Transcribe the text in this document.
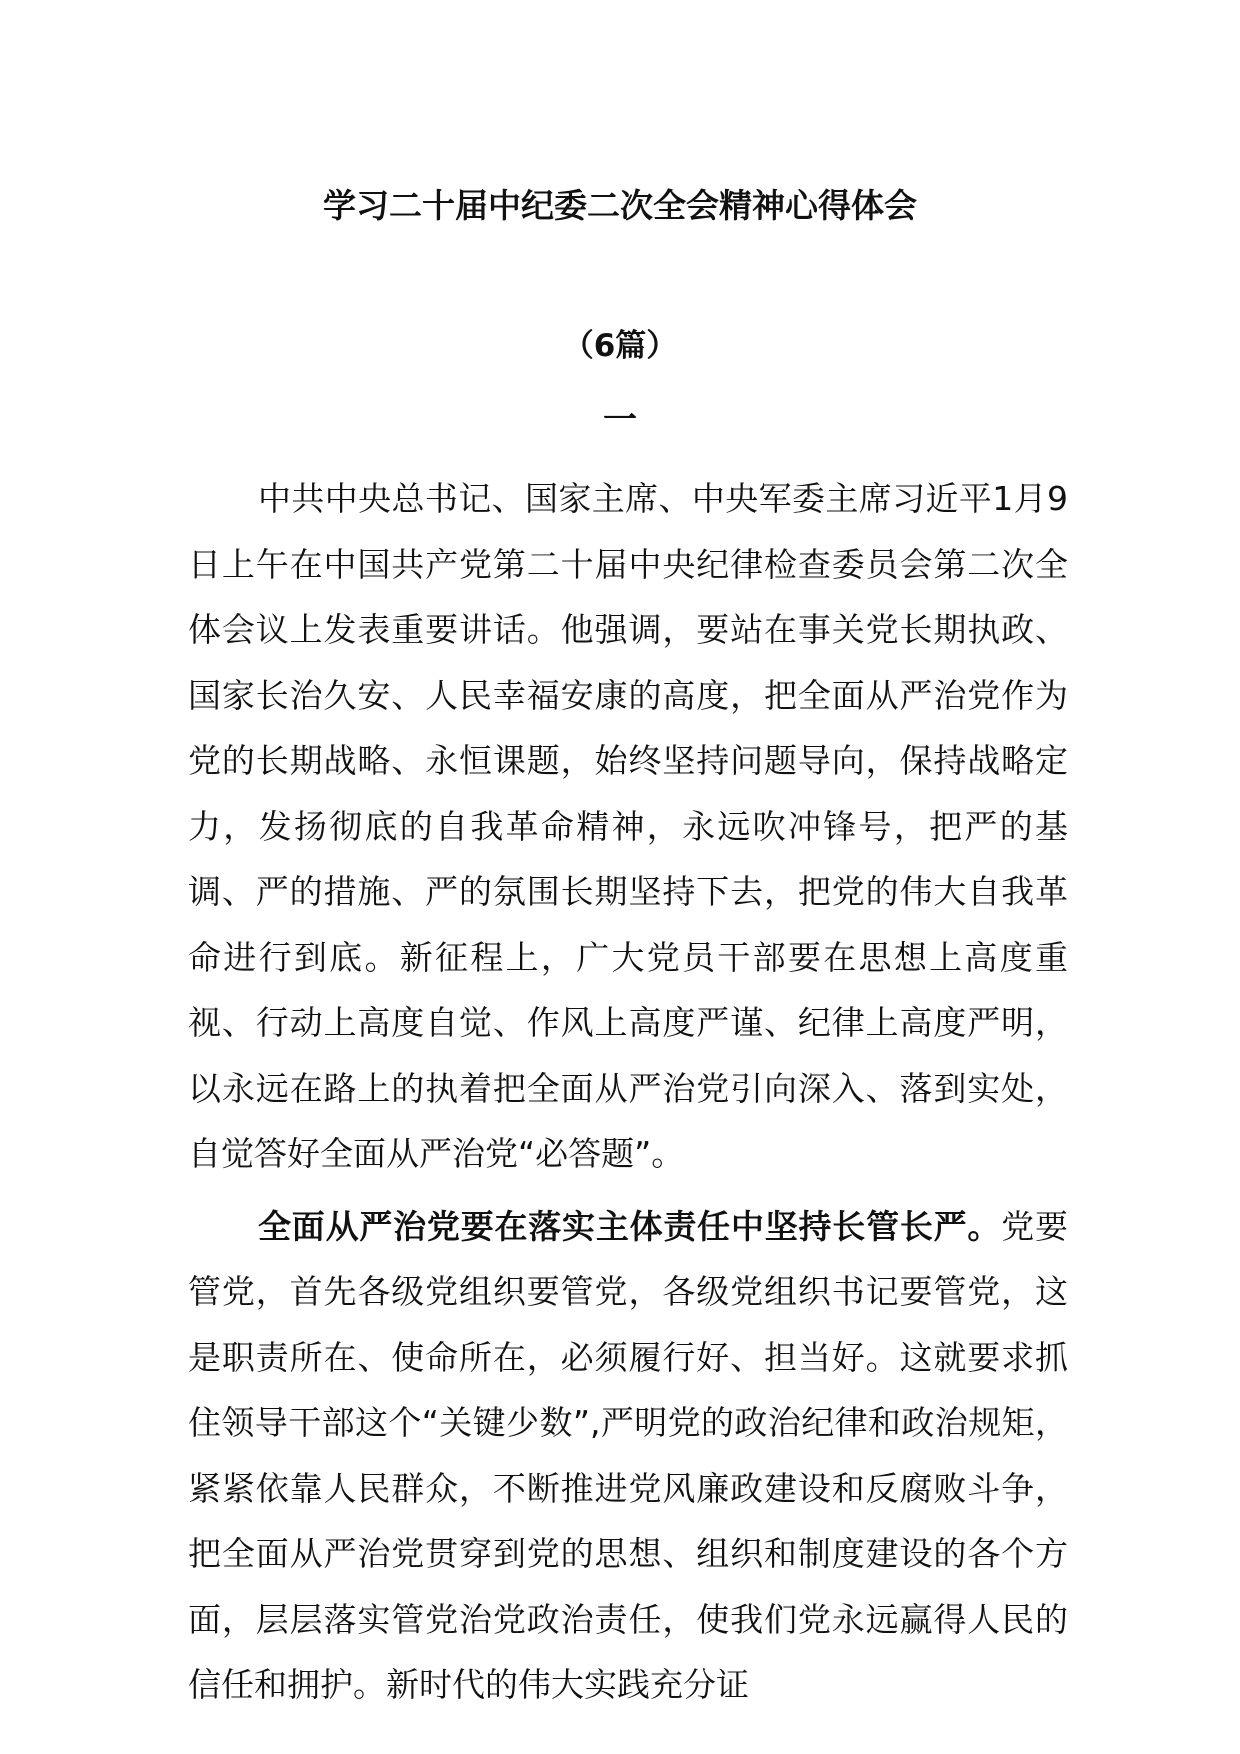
学习二十届中纪委二次全会精神心得体会
（6篇）
一

中共中央总书记、国家主席、中央军委主席习近平1月9日上午在中国共产党第二十届中央纪律检查委员会第二次全体会议上发表重要讲话。他强调，要站在事关党长期执政、国家长治久安、人民幸福安康的高度，把全面从严治党作为党的长期战略、永恒课题，始终坚持问题导向，保持战略定力，发扬彻底的自我革命精神，永远吹冲锋号，把严的基调、严的措施、严的氛围长期坚持下去，把党的伟大自我革命进行到底。新征程上，广大党员干部要在思想上高度重视、行动上高度自觉、作风上高度严谨、纪律上高度严明，以永远在路上的执着把全面从严治党引向深入、落到实处，自觉答好全面从严治党“必答题”。

全面从严治党要在落实主体责任中坚持长管长严。党要管党，首先各级党组织要管党，各级党组织书记要管党，这是职责所在、使命所在，必须履行好、担当好。这就要求抓住领导干部这个“关键少数”,严明党的政治纪律和政治规矩，紧紧依靠人民群众，不断推进党风廉政建设和反腐败斗争，把全面从严治党贯穿到党的思想、组织和制度建设的各个方面，层层落实管党治党政治责任，使我们党永远赢得人民的信任和拥护。新时代的伟大实践充分证
